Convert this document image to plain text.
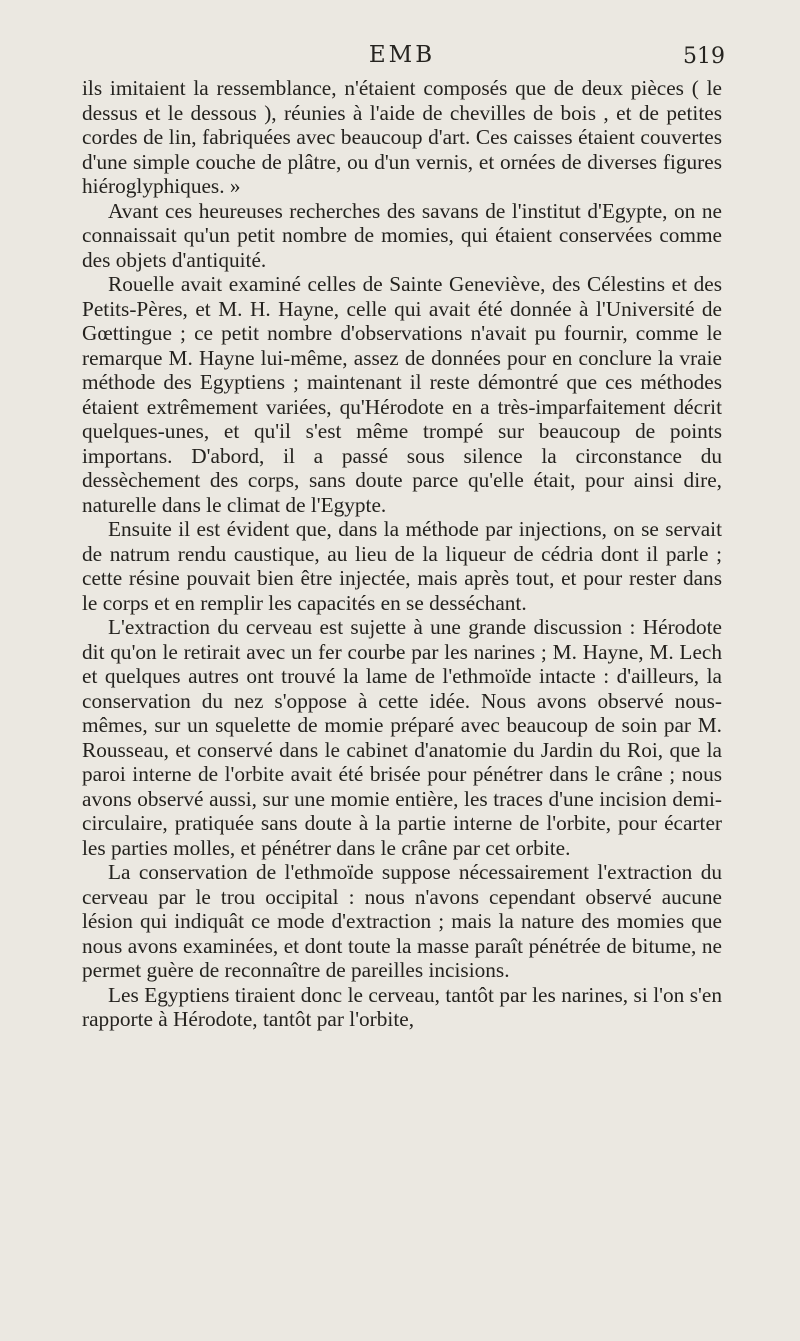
EMB	519

ils imitaient la ressemblance, n'étaient composés que de deux pièces ( le dessus et le dessous ), réunies à l'aide de chevilles de bois , et de petites cordes de lin, fabriquées avec beaucoup d'art. Ces caisses étaient couvertes d'une simple couche de plâtre, ou d'un vernis, et ornées de diverses figures hiéroglyphiques. »

Avant ces heureuses recherches des savans de l'institut d'Egypte, on ne connaissait qu'un petit nombre de momies, qui étaient conservées comme des objets d'antiquité.

Rouelle avait examiné celles de Sainte Geneviève, des Célestins et des Petits-Pères, et M. H. Hayne, celle qui avait été donnée à l'Université de Gœttingue ; ce petit nombre d'observations n'avait pu fournir, comme le remarque M. Hayne lui-même, assez de données pour en conclure la vraie méthode des Egyptiens ; maintenant il reste démontré que ces méthodes étaient extrêmement variées, qu'Hérodote en a très-imparfaitement décrit quelques-unes, et qu'il s'est même trompé sur beaucoup de points importans. D'abord, il a passé sous silence la circonstance du dessèchement des corps, sans doute parce qu'elle était, pour ainsi dire, naturelle dans le climat de l'Egypte.

Ensuite il est évident que, dans la méthode par injections, on se servait de natrum rendu caustique, au lieu de la liqueur de cédria dont il parle ; cette résine pouvait bien être injectée, mais après tout, et pour rester dans le corps et en remplir les capacités en se desséchant.

L'extraction du cerveau est sujette à une grande discussion : Hérodote dit qu'on le retirait avec un fer courbe par les narines ; M. Hayne, M. Lech et quelques autres ont trouvé la lame de l'ethmoïde intacte : d'ailleurs, la conservation du nez s'oppose à cette idée. Nous avons observé nous-mêmes, sur un squelette de momie préparé avec beaucoup de soin par M. Rousseau, et conservé dans le cabinet d'anatomie du Jardin du Roi, que la paroi interne de l'orbite avait été brisée pour pénétrer dans le crâne ; nous avons observé aussi, sur une momie entière, les traces d'une incision demi-circulaire, pratiquée sans doute à la partie interne de l'orbite, pour écarter les parties molles, et pénétrer dans le crâne par cet orbite.

La conservation de l'ethmoïde suppose nécessairement l'extraction du cerveau par le trou occipital : nous n'avons cependant observé aucune lésion qui indiquât ce mode d'extraction ; mais la nature des momies que nous avons examinées, et dont toute la masse paraît pénétrée de bitume, ne permet guère de reconnaître de pareilles incisions.

Les Egyptiens tiraient donc le cerveau, tantôt par les narines, si l'on s'en rapporte à Hérodote, tantôt par l'orbite,
